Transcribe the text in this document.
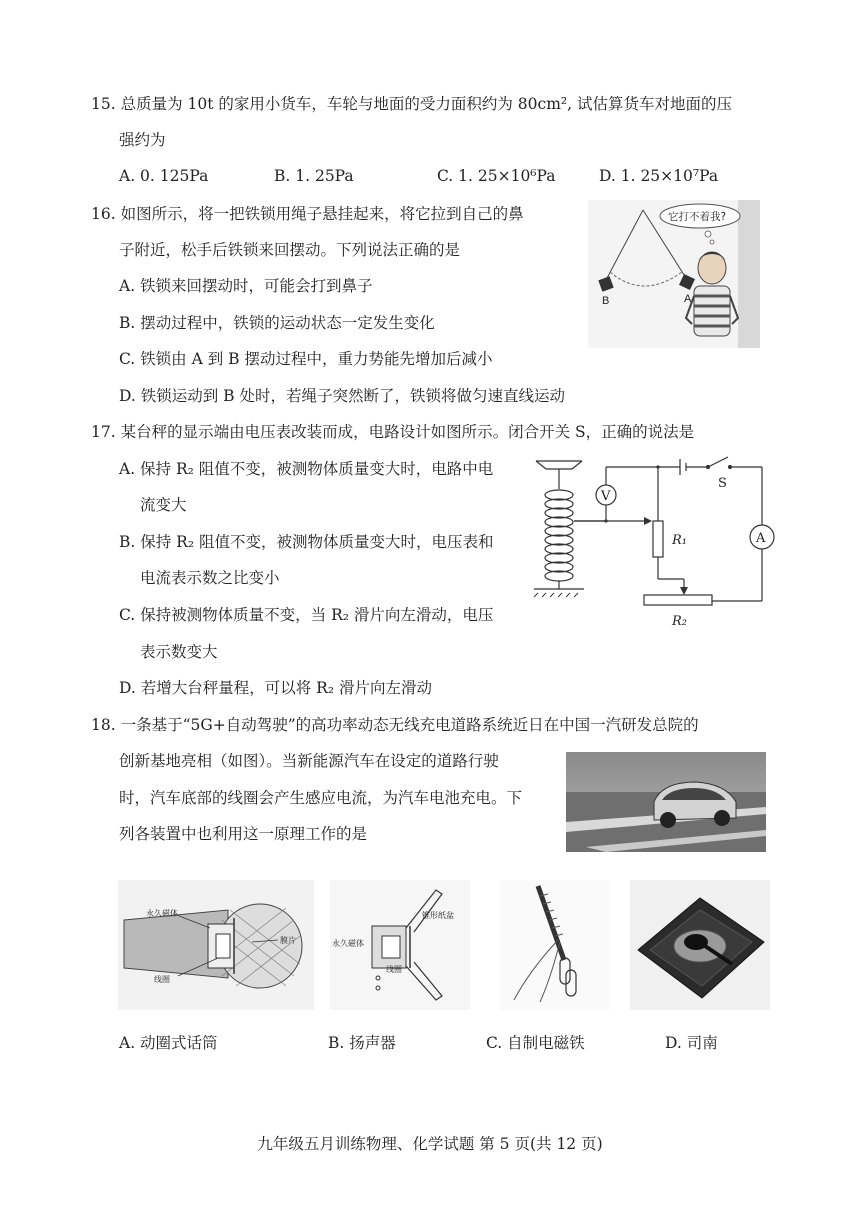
15. 总质量为 10t 的家用小货车，车轮与地面的受力面积约为 80cm², 试估算货车对地面的压
强约为
A. 0. 125Pa	B. 1. 25Pa	C. 1. 25×10⁶Pa	D. 1. 25×10⁷Pa
16. 如图所示，将一把铁锁用绳子悬挂起来，将它拉到自己的鼻
子附近，松手后铁锁来回摆动。下列说法正确的是
A. 铁锁来回摆动时，可能会打到鼻子
B. 摆动过程中，铁锁的运动状态一定发生变化
C. 铁锁由 A 到 B 摆动过程中，重力势能先增加后减小
D. 铁锁运动到 B 处时，若绳子突然断了，铁锁将做匀速直线运动
B	A
它打不着我?
17. 某台秤的显示端由电压表改装而成，电路设计如图所示。闭合开关 S，正确的说法是
A. 保持 R₂ 阻值不变，被测物体质量变大时，电路中电
流变大
B. 保持 R₂ 阻值不变，被测物体质量变大时，电压表和
电流表示数之比变小
C. 保持被测物体质量不变，当 R₂ 滑片向左滑动，电压
表示数变大
D. 若增大台秤量程，可以将 R₂ 滑片向左滑动
V
A
S
R₁
R₂
18. 一条基于“5G+自动驾驶”的高功率动态无线充电道路系统近日在中国一汽研发总院的
创新基地亮相（如图）。当新能源汽车在设定的道路行驶
时，汽车底部的线圈会产生感应电流，为汽车电池充电。下
列各装置中也利用这一原理工作的是
永久磁体
线圈
膜片	永久磁体
线圈
锥形纸盆
A. 动圈式话筒	B. 扬声器	C. 自制电磁铁	D. 司南
九年级五月训练物理、化学试题 第 5 页(共 12 页)
